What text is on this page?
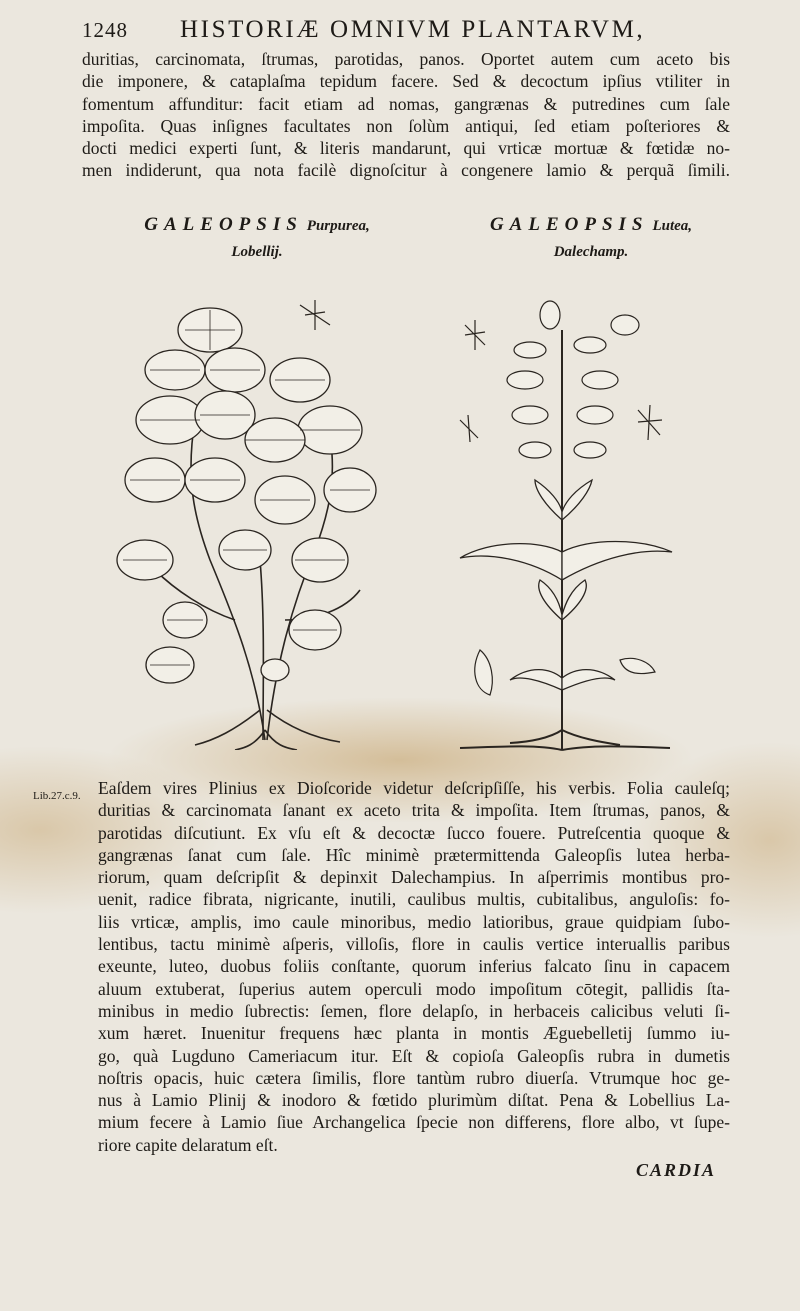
1248 HISTORIÆ OMNIVM PLANTARVM,
duritias, carcinomata, ſtrumas, parotidas, panos. Oportet autem cum aceto bis
die imponere, & cataplaſma tepidum facere. Sed & decoctum ipſius vtiliter in
fomentum affunditur: facit etiam ad nomas, gangrænas & putredines cum ſale
impoſita. Quas inſignes facultates non ſolùm antiqui, ſed etiam poſteriores &
docti medici experti ſunt, & literis mandarunt, qui vrticæ mortuæ & fœtidæ no-
men indiderunt, qua nota facilè dignoſcitur à congenere lamio & perquã ſimili.
GALEOPSIS Purpurea,
Lobellij.
GALEOPSIS Lutea,
Dalechamp.
Lib.27.c.9. Eaſdem vires Plinius ex Dioſcoride videtur deſcripſiſſe, his verbis. Folia cauleſq;
duritias & carcinomata ſanant ex aceto trita & impoſita. Item ſtrumas, panos, &
parotidas diſcutiunt. Ex vſu eſt & decoctæ ſucco fouere. Putreſcentia quoque &
gangrænas ſanat cum ſale. Hîc minimè prætermittenda Galeopſis lutea herba-
riorum, quam deſcripſit & depinxit Dalechampius. In aſperrimis montibus pro-
uenit, radice fibrata, nigricante, inutili, caulibus multis, cubitalibus, anguloſis: fo-
liis vrticæ, amplis, imo caule minoribus, medio latioribus, graue quidpiam ſubo-
lentibus, tactu minimè aſperis, villoſis, flore in caulis vertice interuallis paribus
exeunte, luteo, duobus foliis conſtante, quorum inferius falcato ſinu in capacem
aluum extuberat, ſuperius autem operculi modo impoſitum cōtegit, pallidis ſta-
minibus in medio ſubrectis: ſemen, flore delapſo, in herbaceis calicibus veluti ſi-
xum hæret. Inuenitur frequens hæc planta in montis Æguebelletij ſummo iu-
go, quà Lugduno Cameriacum itur. Eſt & copioſa Galeopſis rubra in dumetis
noſtris opacis, huic cætera ſimilis, flore tantùm rubro diuerſa. Vtrumque hoc ge-
nus à Lamio Plinij & inodoro & fœtido plurimùm diſtat. Pena & Lobellius La-
mium fecere à Lamio ſiue Archangelica ſpecie non differens, flore albo, vt ſupe-
riore capite delaratum eſt.
CARDIA
